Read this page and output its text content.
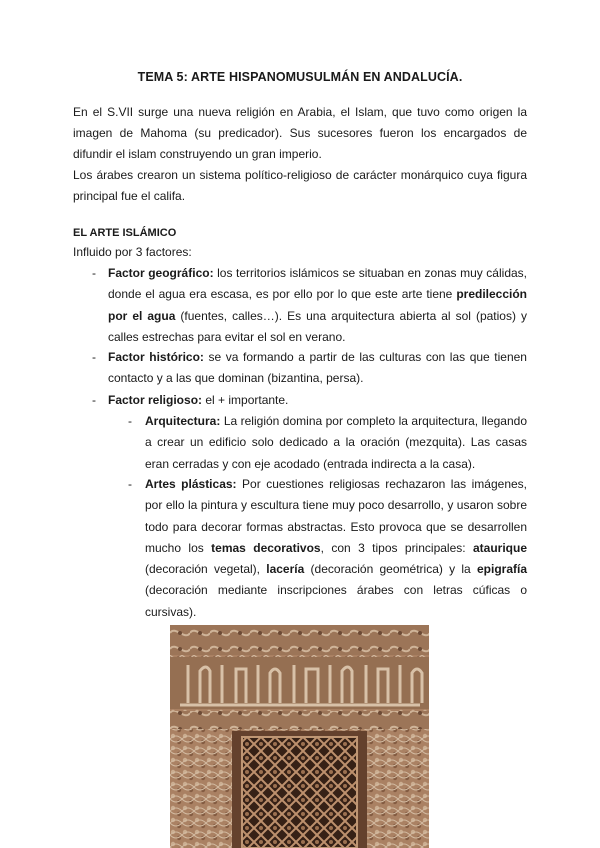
TEMA 5: ARTE HISPANOMUSULMÁN EN ANDALUCÍA.
En el S.VII surge una nueva religión en Arabia, el Islam, que tuvo como origen la imagen de Mahoma (su predicador). Sus sucesores fueron los encargados de difundir el islam construyendo un gran imperio.
Los árabes crearon un sistema político-religioso de carácter monárquico cuya figura principal fue el califa.
EL ARTE ISLÁMICO
Influido por 3 factores:
- Factor geográfico: los territorios islámicos se situaban en zonas muy cálidas, donde el agua era escasa, es por ello por lo que este arte tiene predilección por el agua (fuentes, calles…). Es una arquitectura abierta al sol (patios) y calles estrechas para evitar el sol en verano.
- Factor histórico: se va formando a partir de las culturas con las que tienen contacto y a las que dominan (bizantina, persa).
- Factor religioso: el + importante.
- Arquitectura: La religión domina por completo la arquitectura, llegando a crear un edificio solo dedicado a la oración (mezquita). Las casas eran cerradas y con eje acodado (entrada indirecta a la casa).
- Artes plásticas: Por cuestiones religiosas rechazaron las imágenes, por ello la pintura y escultura tiene muy poco desarrollo, y usaron sobre todo para decorar formas abstractas. Esto provoca que se desarrollen mucho los temas decorativos, con 3 tipos principales: ataurique (decoración vegetal), lacería (decoración geométrica) y la epigrafía (decoración mediante inscripciones árabes con letras cúficas o cursivas).
